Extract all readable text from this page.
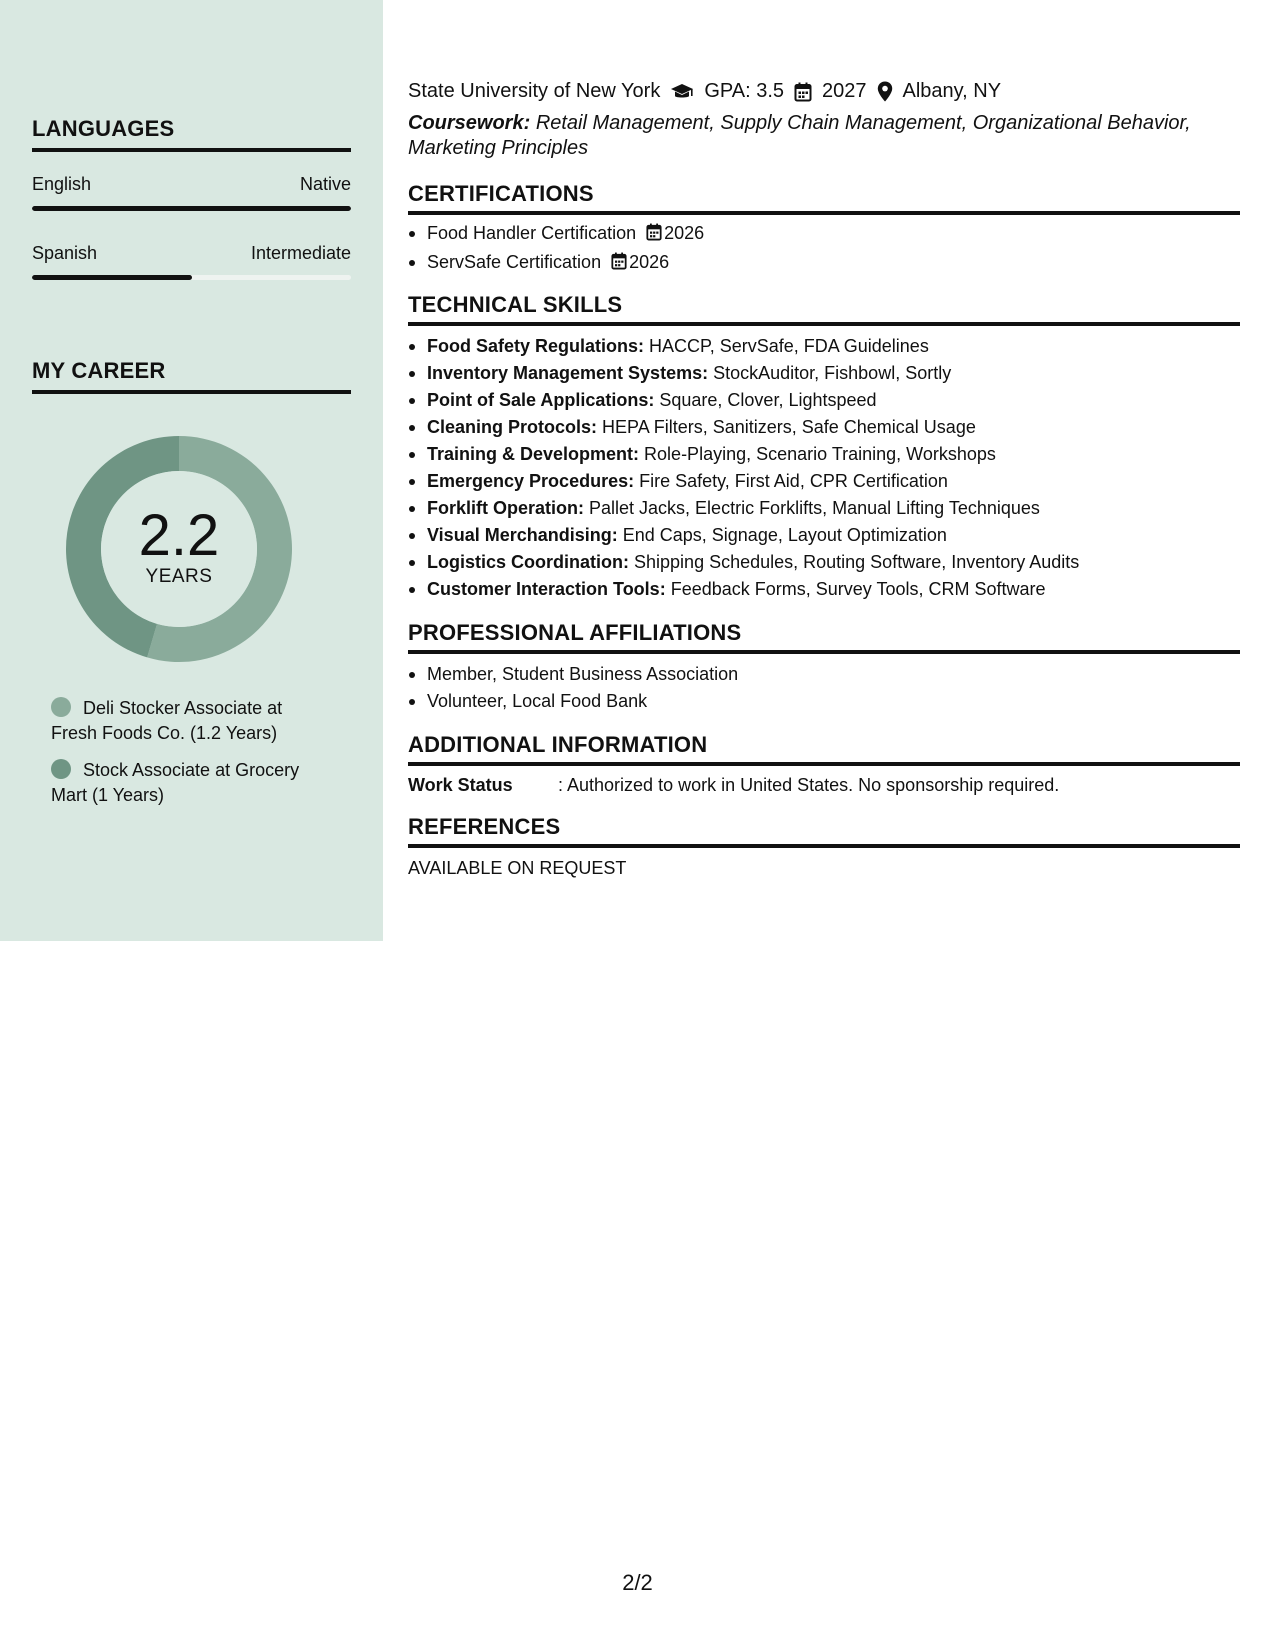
LANGUAGES
English	Native
Spanish	Intermediate
MY CAREER
2.2
YEARS
Deli Stocker Associate at Fresh Foods Co. (1.2 Years)
Stock Associate at Grocery Mart (1 Years)
State University of New York GPA: 3.5 2027 Albany, NY
Coursework: Retail Management, Supply Chain Management, Organizational Behavior, Marketing Principles
CERTIFICATIONS
Food Handler Certification 2026
ServSafe Certification 2026
TECHNICAL SKILLS
Food Safety Regulations: HACCP, ServSafe, FDA Guidelines
Inventory Management Systems: StockAuditor, Fishbowl, Sortly
Point of Sale Applications: Square, Clover, Lightspeed
Cleaning Protocols: HEPA Filters, Sanitizers, Safe Chemical Usage
Training & Development: Role-Playing, Scenario Training, Workshops
Emergency Procedures: Fire Safety, First Aid, CPR Certification
Forklift Operation: Pallet Jacks, Electric Forklifts, Manual Lifting Techniques
Visual Merchandising: End Caps, Signage, Layout Optimization
Logistics Coordination: Shipping Schedules, Routing Software, Inventory Audits
Customer Interaction Tools: Feedback Forms, Survey Tools, CRM Software
PROFESSIONAL AFFILIATIONS
Member, Student Business Association
Volunteer, Local Food Bank
ADDITIONAL INFORMATION
Work Status	: Authorized to work in United States. No sponsorship required.
REFERENCES
AVAILABLE ON REQUEST
2/2
